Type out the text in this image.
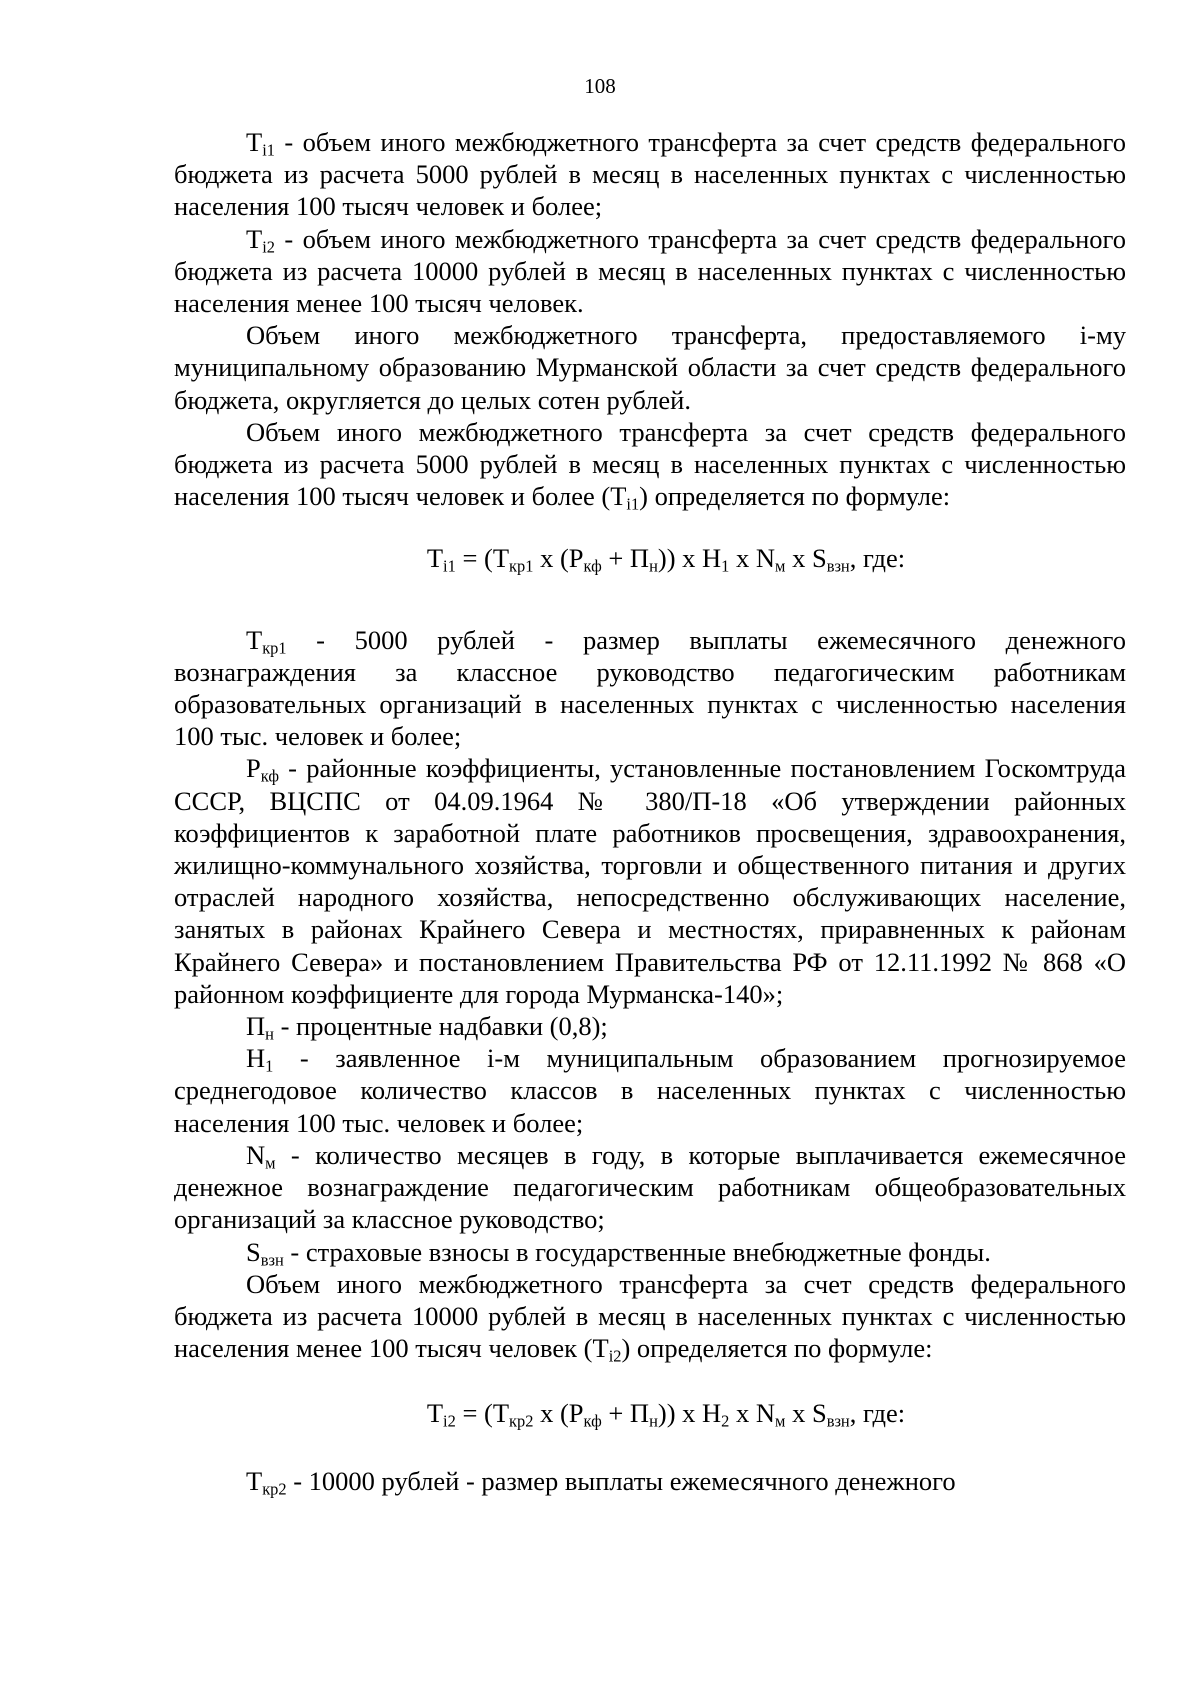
108

$T_{i1}$ - объем иного межбюджетного трансферта за счет средств федерального бюджета из расчета 5000 рублей в месяц в населенных пунктах с численностью населения 100 тысяч человек и более;

$T_{i2}$ - объем иного межбюджетного трансферта за счет средств федерального бюджета из расчета 10000 рублей в месяц в населенных пунктах с численностью населения менее 100 тысяч человек.

Объем иного межбюджетного трансферта, предоставляемого i-му муниципальному образованию Мурманской области за счет средств федерального бюджета, округляется до целых сотен рублей.

Объем иного межбюджетного трансферта за счет средств федерального бюджета из расчета 5000 рублей в месяц в населенных пунктах с численностью населения 100 тысяч человек и более $(T_{i1})$ определяется по формуле:

$T_{i1} = (T_{кр1}$ x $(P_{кф} + П_н)$) x $H_1$ x $N_м$ x $S_{взн}$, где:

$T_{кр1} - 5000$ рублей - размер выплаты ежемесячного денежного вознаграждения за классное руководство педагогическим работникам образовательных организаций в населенных пунктах с численностью населения 100 тыс. человек и более;

$P_{кф}$ - районные коэффициенты, установленные постановлением Госкомтруда СССР, ВЦСПС от 04.09.1964 № 380/П-18 «Об утверждении районных коэффициентов к заработной плате работников просвещения, здравоохранения, жилищно-коммунального хозяйства, торговли и общественного питания и других отраслей народного хозяйства, непосредственно обслуживающих население, занятых в районах Крайнего Севера и местностях, приравненных к районам Крайнего Севера» и постановлением Правительства РФ от 12.11.1992 № 868 «О районном коэффициенте для города Мурманска-140»;

$П_н$ - процентные надбавки (0,8);

$H_1$ - заявленное i-м муниципальным образованием прогнозируемое среднегодовое количество классов в населенных пунктах с численностью населения 100 тыс. человек и более;

$N_м$ - количество месяцев в году, в которые выплачивается ежемесячное денежное вознаграждение педагогическим работникам общеобразовательных организаций за классное руководство;

$S_{взн}$ - страховые взносы в государственные внебюджетные фонды.

Объем иного межбюджетного трансферта за счет средств федерального бюджета из расчета 10000 рублей в месяц в населенных пунктах с численностью населения менее 100 тысяч человек $(T_{i2})$ определяется по формуле:

$T_{i2} = (T_{кр2}$ x $(P_{кф} + П_н)$) x $H_2$ x $N_м$ x $S_{взн}$, где:

$T_{кр2} - 10000$ рублей - размер выплаты ежемесячного денежного
